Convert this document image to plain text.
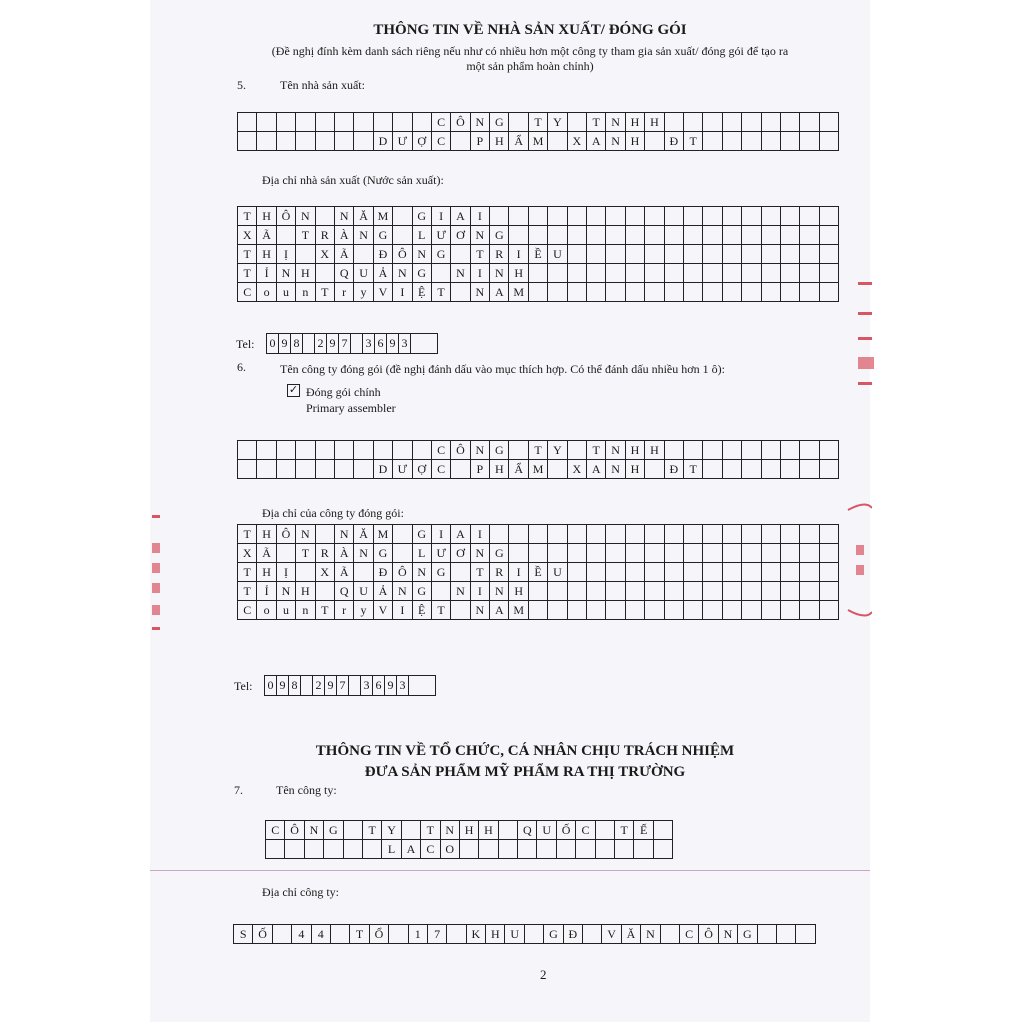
THÔNG TIN VỀ NHÀ SẢN XUẤT/ ĐÓNG GÓI
(Đề nghị đính kèm danh sách riêng nếu như có nhiều hơn một công ty tham gia sản xuất/ đóng gói để tạo ra
một sản phẩm hoàn chỉnh)
5.	Tên nhà sản xuất:
										C	Ô	N	G		T	Y		T	N	H	H									
							D	Ư	Ợ	C		P	H	Ẩ	M		X	A	N	H		Đ	T							
Địa chỉ nhà sản xuất (Nước sản xuất):
T	H	Ô	N		N	Ă	M		G	I	A	I																		
X	Ã		T	R	À	N	G		L	Ư	Ơ	N	G																	
T	H	Ị		X	Ã		Đ	Ô	N	G		T	R	I	Ề	U														
T	Ỉ	N	H		Q	U	Ả	N	G		N	I	N	H																
C	o	u	n	T	r	y	V	I	Ệ	T		N	A	M																
Tel: 0	9	8		2	9	7		3	6	9	3	
6.	Tên công ty đóng gói (đề nghị đánh dấu vào mục thích hợp. Có thể đánh dấu nhiều hơn 1 ô):
✓ Đóng gói chính
Primary assembler
										C	Ô	N	G		T	Y		T	N	H	H									
							D	Ư	Ợ	C		P	H	Ẩ	M		X	A	N	H		Đ	T							
Địa chỉ của công ty đóng gói:
T	H	Ô	N		N	Ă	M		G	I	A	I																		
X	Ã		T	R	À	N	G		L	Ư	Ơ	N	G																	
T	H	Ị		X	Ã		Đ	Ô	N	G		T	R	I	Ề	U														
T	Ỉ	N	H		Q	U	Ả	N	G		N	I	N	H																
C	o	u	n	T	r	y	V	I	Ệ	T		N	A	M																
Tel: 0	9	8		2	9	7		3	6	9	3	
THÔNG TIN VỀ TỔ CHỨC, CÁ NHÂN CHỊU TRÁCH NHIỆM
ĐƯA SẢN PHẨM MỸ PHẨM RA THỊ TRƯỜNG
7.	Tên công ty:
C	Ô	N	G		T	Y		T	N	H	H		Q	U	Ố	C		T	Ế	
						L	A	C	O											
Địa chỉ công ty:
S	Ố		4	4		T	Ổ		1	7		K	H	U		G	Đ		V	Ă	N		C	Ô	N	G			
2
